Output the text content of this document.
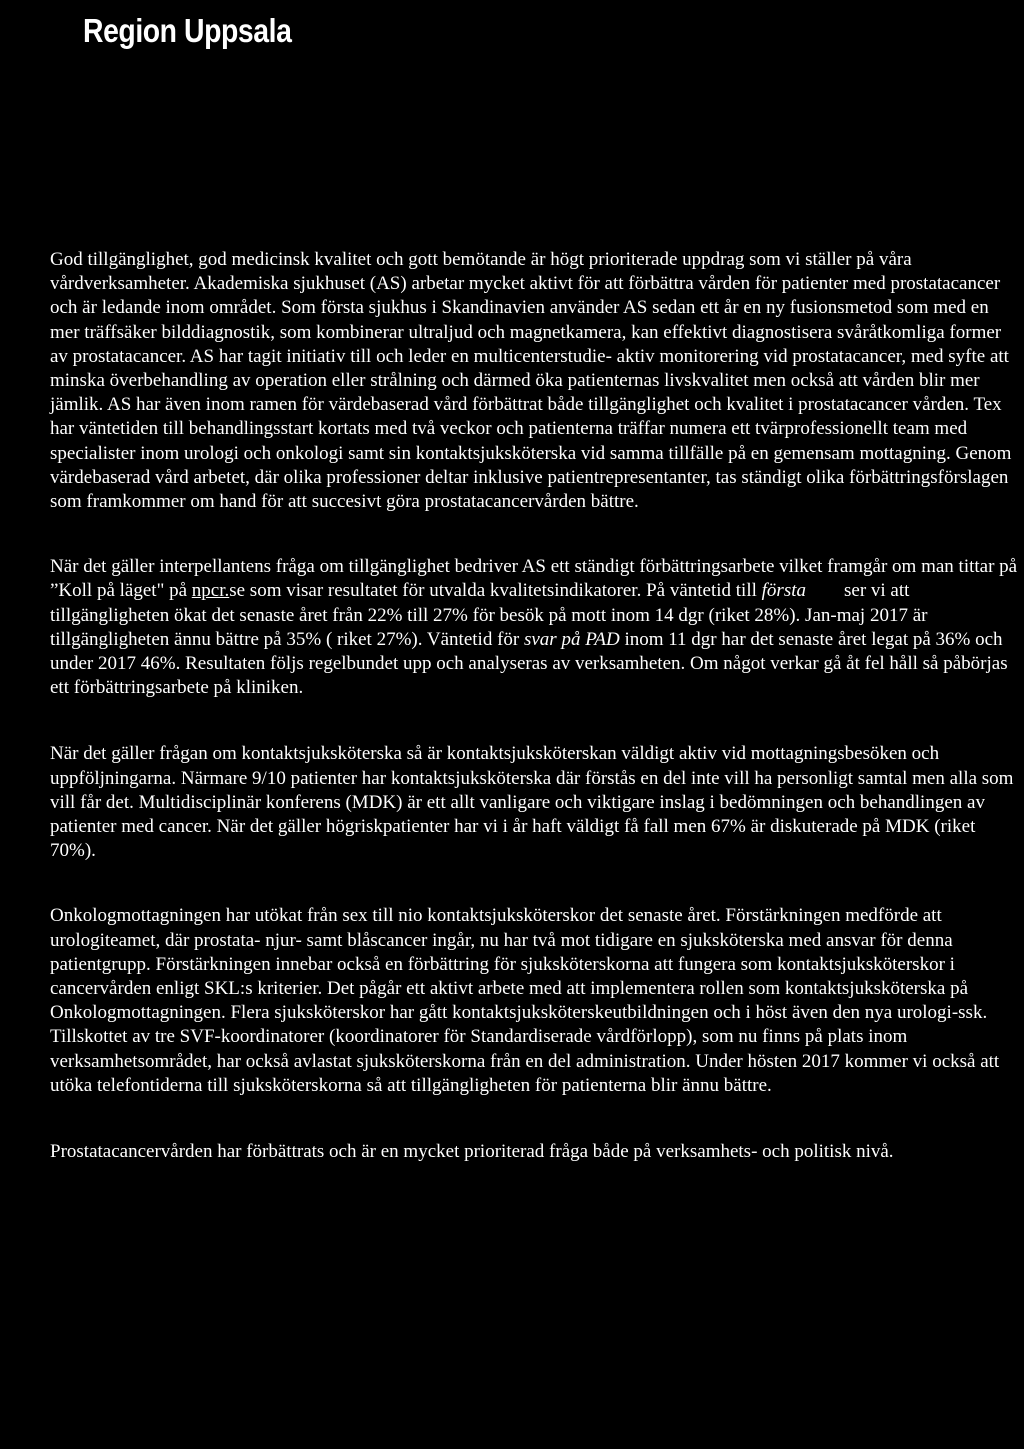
Region Uppsala

God tillgänglighet, god medicinsk kvalitet och gott bemötande är högt prioriterade uppdrag som vi ställer på våra vårdverksamheter. Akademiska sjukhuset (AS) arbetar mycket aktivt för att förbättra vården för patienter med prostatacancer och är ledande inom området. Som första sjukhus i Skandinavien använder AS sedan ett år en ny fusionsmetod som med en mer träffsäker bilddiagnostik, som kombinerar ultraljud och magnetkamera, kan effektivt diagnostisera svåråtkomliga former av prostatacancer. AS har tagit initiativ till och leder en multicenterstudie- aktiv monitorering vid prostatacancer, med syfte att minska överbehandling av operation eller strålning och därmed öka patienternas livskvalitet men också att vården blir mer jämlik. AS har även inom ramen för värdebaserad vård förbättrat både tillgänglighet och kvalitet i prostatacancer vården. Tex har väntetiden till behandlingsstart kortats med två veckor och patienterna träffar numera ett tvärprofessionellt team med specialister inom urologi och onkologi samt sin kontaktsjuksköterska vid samma tillfälle på en gemensam mottagning. Genom värdebaserad vård arbetet, där olika professioner deltar inklusive patientrepresentanter, tas ständigt olika förbättringsförslagen som framkommer om hand för att succesivt göra prostatacancervården bättre.

När det gäller interpellantens fråga om tillgänglighet bedriver AS ett ständigt förbättringsarbete vilket framgår om man tittar på ”Koll på läget" på npcr.se som visar resultatet för utvalda kvalitetsindikatorer. På väntetid till första        ser vi att tillgängligheten ökat det senaste året från 22% till 27% för besök på mott inom 14 dgr (riket 28%). Jan-maj 2017 är tillgängligheten ännu bättre på 35% ( riket 27%). Väntetid för svar på PAD inom 11 dgr har det senaste året legat på 36% och under 2017 46%. Resultaten följs regelbundet upp och analyseras av verksamheten. Om något verkar gå åt fel håll så påbörjas ett förbättringsarbete på kliniken.

När det gäller frågan om kontaktsjuksköterska så är kontaktsjuksköterskan väldigt aktiv vid mottagningsbesöken och uppföljningarna. Närmare 9/10 patienter har kontaktsjuksköterska där förstås en del inte vill ha personligt samtal men alla som vill får det. Multidisciplinär konferens (MDK) är ett allt vanligare och viktigare inslag i bedömningen och behandlingen av patienter med cancer. När det gäller högriskpatienter har vi i år haft väldigt få fall men 67% är diskuterade på MDK (riket 70%).

Onkologmottagningen har utökat från sex till nio kontaktsjuksköterskor det senaste året. Förstärkningen medförde att urologiteamet, där prostata- njur- samt blåscancer ingår, nu har två mot tidigare en sjuksköterska med ansvar för denna patientgrupp. Förstärkningen innebar också en förbättring för sjuksköterskorna att fungera som kontaktsjuksköterskor i cancervården enligt SKL:s kriterier. Det pågår ett aktivt arbete med att implementera rollen som kontaktsjuksköterska på Onkologmottagningen. Flera sjuksköterskor har gått kontaktsjuksköterskeutbildningen och i höst även den nya urologi-ssk. Tillskottet av tre SVF-koordinatorer (koordinatorer för Standardiserade vårdförlopp), som nu finns på plats inom verksamhetsområdet, har också avlastat sjuksköterskorna från en del administration. Under hösten 2017 kommer vi också att utöka telefontiderna till sjuksköterskorna så att tillgängligheten för patienterna blir ännu bättre.

Prostatacancervården har förbättrats och är en mycket prioriterad fråga både på verksamhets- och politisk nivå.
